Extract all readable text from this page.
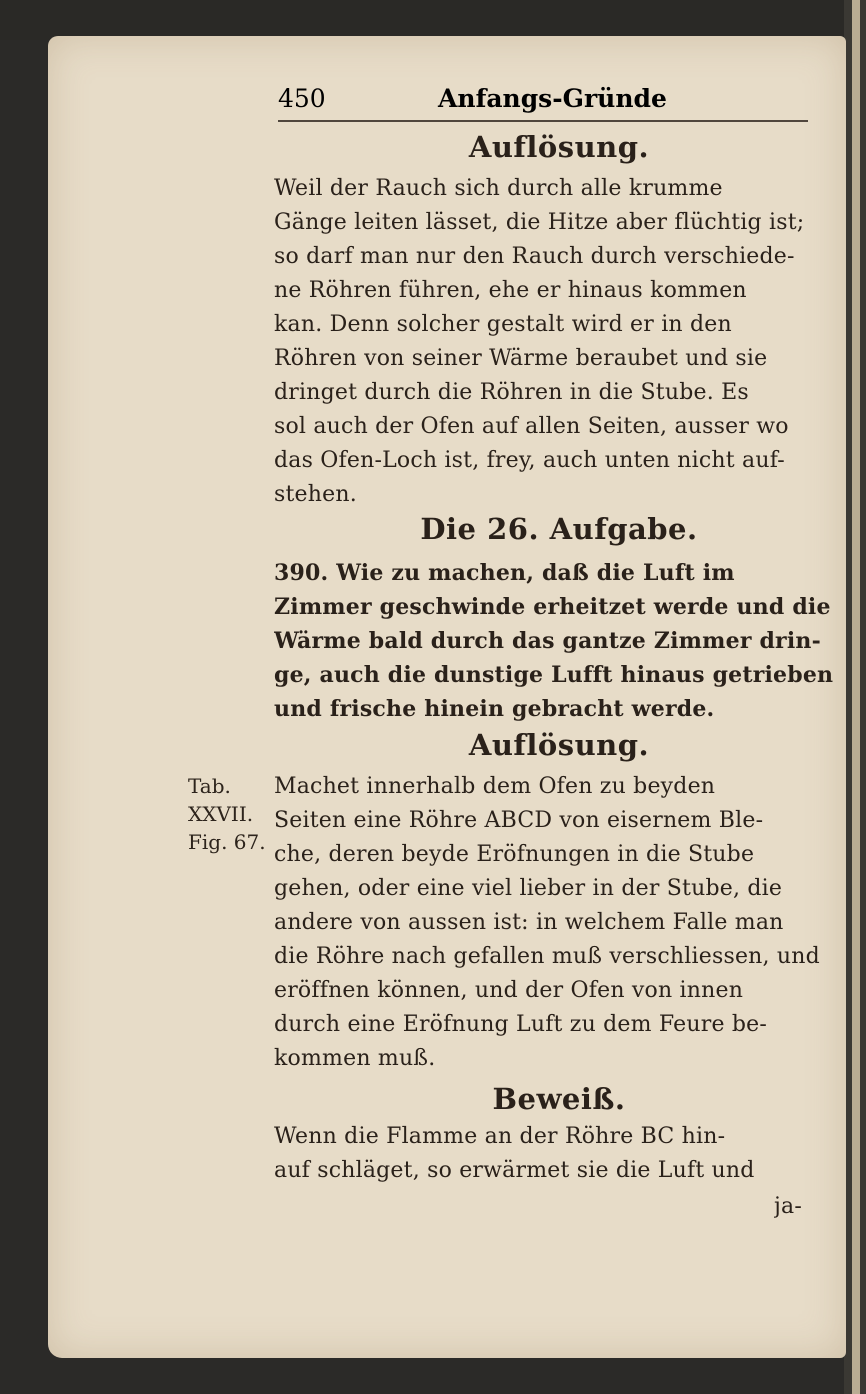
Tab.
XXVII.
Fig. 67.
450	Anfangs-Gründe
Auflösung.
Weil der Rauch sich durch alle krumme
Gänge leiten lässet, die Hitze aber flüchtig ist;
so darf man nur den Rauch durch verschiede-
ne Röhren führen, ehe er hinaus kommen
kan. Denn solcher gestalt wird er in den
Röhren von seiner Wärme beraubet und sie
dringet durch die Röhren in die Stube. Es
sol auch der Ofen auf allen Seiten, ausser wo
das Ofen-Loch ist, frey, auch unten nicht auf-
stehen.
Die 26. Aufgabe.
390. Wie zu machen, daß die Luft im
Zimmer geschwinde erheitzet werde und die
Wärme bald durch das gantze Zimmer drin-
ge, auch die dunstige Lufft hinaus getrieben
und frische hinein gebracht werde.
Auflösung.
Machet innerhalb dem Ofen zu beyden
Seiten eine Röhre ABCD von eisernem Ble-
che, deren beyde Eröfnungen in die Stube
gehen, oder eine viel lieber in der Stube, die
andere von aussen ist: in welchem Falle man
die Röhre nach gefallen muß verschliessen, und
eröffnen können, und der Ofen von innen
durch eine Eröfnung Luft zu dem Feure be-
kommen muß.
Beweiß.
Wenn die Flamme an der Röhre BC hin-
auf schläget, so erwärmet sie die Luft und
ja-
